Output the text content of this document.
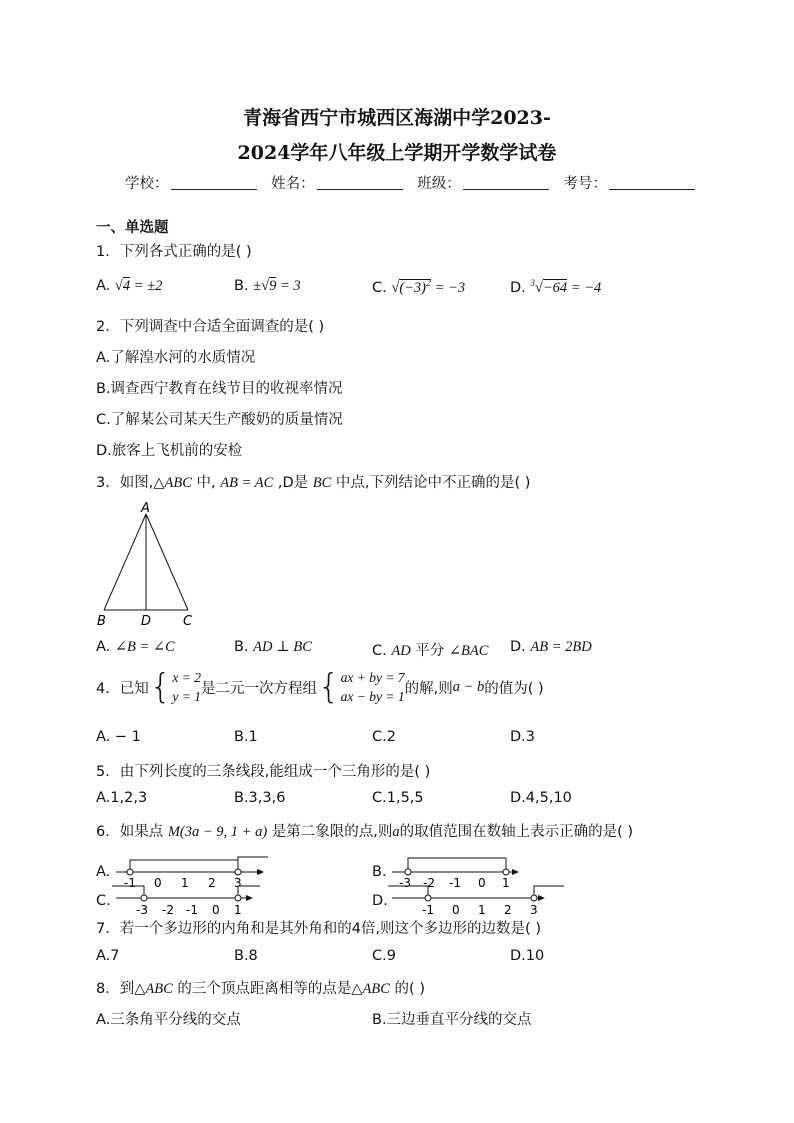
青海省西宁市城西区海湖中学2023-
2024学年八年级上学期开学数学试卷
学校：	姓名：	班级：	考号：
一、单选题
1．下列各式正确的是( )
A. √4 = ±2	B. ±√9 = 3	C. $√(-3)^2 = -3$	D. $^3$√−64 = −4
2．下列调查中合适全面调查的是( )
A.了解湟水河的水质情况
B.调查西宁教育在线节目的收视率情况
C.了解某公司某天生产酸奶的质量情况
D.旅客上飞机前的安检
3．如图,△ABC 中, AB = AC ,D是 BC 中点,下列结论中不正确的是( )
A
B	D C
A. ∠B = ∠C	B. AD ⊥ BC	C. AD 平分 ∠BAC D. AB = 2BD
4．已知 { x = 2
y = 1 是二元一次方程组 { ax + by = 7
ax − by = 1 的解,则 a − b 的值为( )
A. − 1	B.1	C.2	D.3
5．由下列长度的三条线段,能组成一个三角形的是( )
A.1,2,3	B.3,3,6	C.1,5,5	D.4,5,10
6．如果点 M(3a − 9, 1 + a) 是第二象限的点,则a的取值范围在数轴上表示正确的是( )
A.
-1 0 1 2 3
B.
-3 -2 -1 0 1
C.
-3 -2 -1 0 1
D.
-1 0 1 2 3
7．若一个多边形的内角和是其外角和的4倍,则这个多边形的边数是( )
A.7	B.8	C.9	D.10
8．到△ABC 的三个顶点距离相等的点是△ABC 的( )
A.三条角平分线的交点	B.三边垂直平分线的交点
